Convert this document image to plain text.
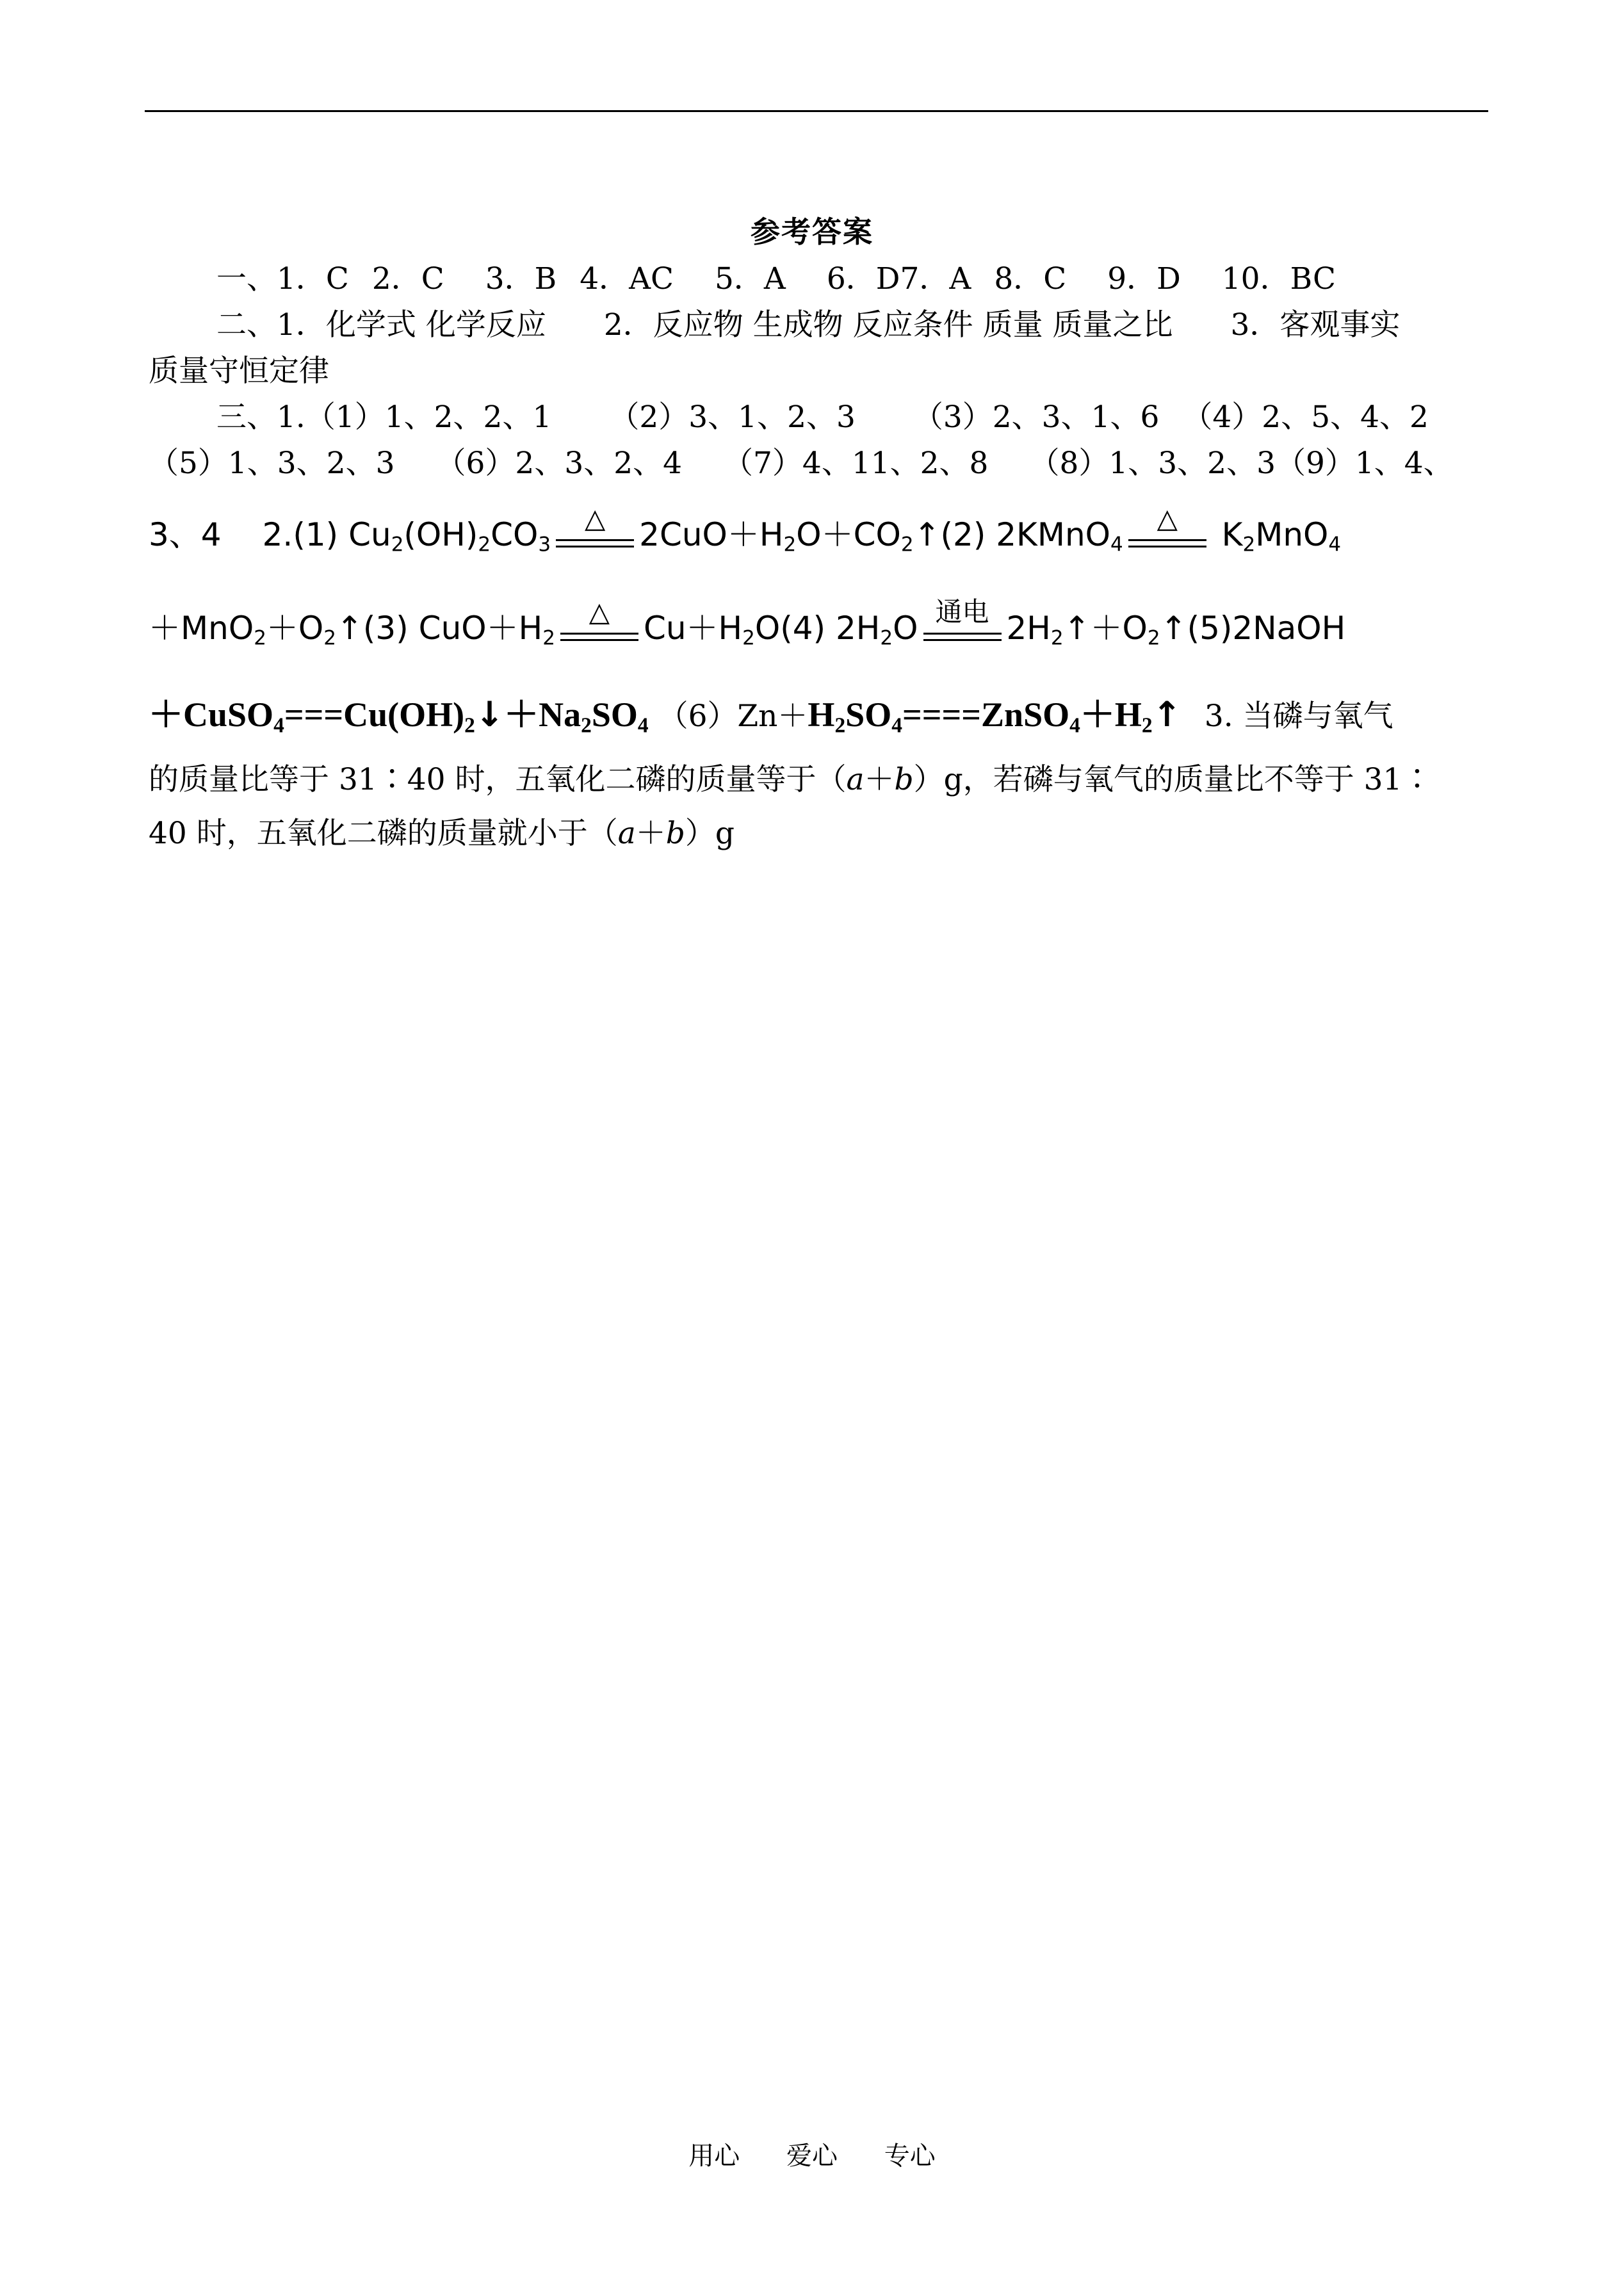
参考答案
一、1．C 2．C 3．B 4．AC 5．A 6．D7．A 8．C 9．D 10．BC
二、1．化学式 化学反应 2．反应物 生成物 反应条件 质量 质量之比 3．客观事实
质量守恒定律
三、1.（1）1、2、2、1 （2）3、1、2、3 （3）2、3、1、6 （4）2、5、4、2
（5）1、3、2、3 （6）2、3、2、4 （7）4、11、2、8 （8）1、3、2、3（9）1、4、
3、4 2.(1) $Cu_2(OH)_2CO_3$
△	$2CuO+H_2O+CO_2↑(2)$ 2KMnO$_4$
△	$K_2MnO_4$
$+MnO_2+O_2↑(3)$ $CuO+H_2$
△	$Cu+H_2O(4)$ $2H_2O$ 通电 $2H_2↑+O_2↑(5)2NaOH$
$+CuSO_4===Cu(OH)_2↓+Na_2SO_4$ $(6)Zn+H_2SO_4====ZnSO_4+H_2↑$ 3. 当磷与氧气
的质量比等于 31∶40 时，五氧化二磷的质量等于（a＋b）g，若磷与氧气的质量比不等于 31∶
40 时，五氧化二磷的质量就小于（a＋b）g
用心 爱心 专心
